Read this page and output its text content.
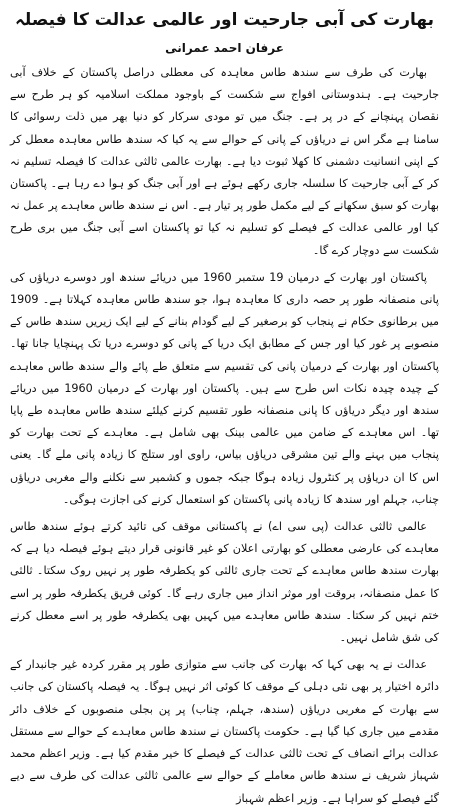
بھارت کی آبی جارحیت اور عالمی عدالت کا فیصلہ
عرفان احمد عمرانی

بھارت کی طرف سے سندھ طاس معاہدہ کی معطلی دراصل پاکستان کے خلاف آبی جارحیت ہے۔ ہندوستانی افواج سے شکست کے باوجود مملکت اسلامیہ کو ہر طرح سے نقصان پہنچانے کے در پر ہے۔ جنگ میں تو مودی سرکار کو دنیا بھر میں ذلت رسوائی کا سامنا ہے مگر اس نے دریاؤں کے پانی کے حوالے سے یہ کیا کہ سندھ طاس معاہدہ معطل کر کے اپنی انسانیت دشمنی کا کھلا ثبوت دیا ہے۔ بھارت عالمی ثالثی عدالت کا فیصلہ تسلیم نہ کر کے آبی جارحیت کا سلسلہ جاری رکھے ہوئے ہے اور آبی جنگ کو ہوا دے رہا ہے۔ پاکستان بھارت کو سبق سکھانے کے لیے مکمل طور پر تیار ہے۔ اس نے سندھ طاس معاہدے پر عمل نہ کیا اور عالمی عدالت کے فیصلے کو تسلیم نہ کیا تو پاکستان اسے آبی جنگ میں بری طرح شکست سے دوچار کرے گا۔

پاکستان اور بھارت کے درمیان 19 ستمبر 1960 میں دریائے سندھ اور دوسرے دریاؤں کی پانی منصفانہ طور پر حصہ داری کا معاہدہ ہوا، جو سندھ طاس معاہدہ کہلاتا ہے۔ 1909 میں برطانوی حکام نے پنجاب کو برصغیر کے لیے گودام بنانے کے لیے ایک زیریں سندھ طاس کے منصوبے پر غور کیا اور جس کے مطابق ایک دریا کے پانی کو دوسرے دریا تک پہنچایا جانا تھا۔ پاکستان اور بھارت کے درمیان پانی کی تقسیم سے متعلق طے پائے والے سندھ طاس معاہدے کے چیدہ چیدہ نکات اس طرح سے ہیں۔ پاکستان اور بھارت کے درمیان 1960 میں دریائے سندھ اور دیگر دریاؤں کا پانی منصفانہ طور تقسیم کرنے کیلئے سندھ طاس معاہدہ طے پایا تھا۔ اس معاہدے کے ضامن میں عالمی بینک بھی شامل ہے۔ معاہدے کے تحت بھارت کو پنجاب میں بہنے والے تین مشرقی دریاؤں بیاس، راوی اور ستلج کا زیادہ پانی ملے گا۔ یعنی اس کا ان دریاؤں پر کنٹرول زیادہ ہوگا جبکہ جموں و کشمیر سے نکلنے والے مغربی دریاؤں چناب، جہلم اور سندھ کا زیادہ پانی پاکستان کو استعمال کرنے کی اجازت ہوگی۔

عالمی ثالثی عدالت (پی سی اے) نے پاکستانی موقف کی تائید کرتے ہوئے سندھ طاس معاہدے کی عارضی معطلی کو بھارتی اعلان کو غیر قانونی قرار دیتے ہوئے فیصلہ دیا ہے کہ بھارت سندھ طاس معاہدے کے تحت جاری ثالثی کو یکطرفہ طور پر نہیں روک سکتا۔ ثالثی کا عمل منصفانہ، بروقت اور موثر انداز میں جاری رہے گا۔ کوئی فریق یکطرفہ طور پر اسے ختم نہیں کر سکتا۔ سندھ طاس معاہدے میں کہیں بھی یکطرفہ طور پر اسے معطل کرنے کی شق شامل نہیں۔

عدالت نے یہ بھی کہا کہ بھارت کی جانب سے متوازی طور پر مقرر کردہ غیر جانبدار کے دائرہ اختیار پر بھی نئی دہلی کے موقف کا کوئی اثر نہیں ہوگا۔ یہ فیصلہ پاکستان کی جانب سے بھارت کے مغربی دریاؤں (سندھ، جہلم، چناب) پر پن بجلی منصوبوں کے خلاف دائر مقدمے میں جاری کیا گیا ہے۔ حکومت پاکستان نے سندھ طاس معاہدے کے حوالے سے مستقل عدالت برائے انصاف کے تحت ثالثی عدالت کے فیصلے کا خیر مقدم کیا ہے۔ وزیر اعظم محمد شہباز شریف نے سندھ طاس معاملے کے حوالے سے عالمی ثالثی عدالت کی طرف سے دیے گئے فیصلے کو سراہا ہے۔ وزیر اعظم شہباز
